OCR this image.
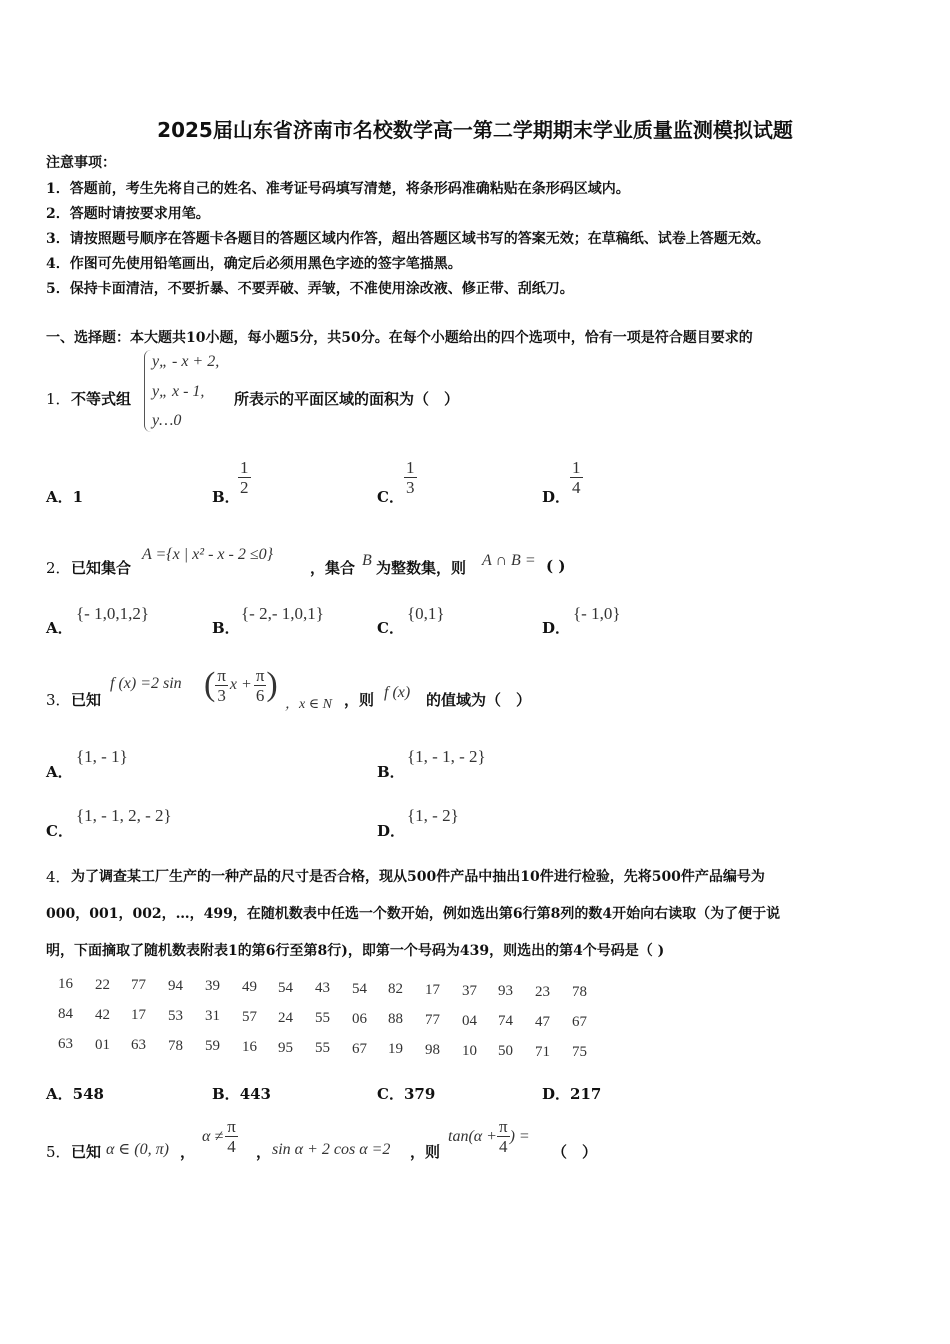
2025届山东省济南市名校数学高一第二学期期末学业质量监测模拟试题
注意事项：
1．答题前，考生先将自己的姓名、准考证号码填写清楚，将条形码准确粘贴在条形码区域内。
2．答题时请按要求用笔。
3．请按照题号顺序在答题卡各题目的答题区域内作答，超出答题区域书写的答案无效；在草稿纸、试卷上答题无效。
4．作图可先使用铅笔画出，确定后必须用黑色字迹的签字笔描黑。
5．保持卡面清洁，不要折暴、不要弄破、弄皱，不准使用涂改液、修正带、刮纸刀。
一、选择题：本大题共10小题，每小题5分，共50分。在每个小题给出的四个选项中，恰有一项是符合题目要求的
1． 不等式组
y„ - x + 2,
y„ x - 1,
y…0
所表示的平面区域的面积为（　）
A．1	B．
$\frac{1}{2}$	C． $\frac{1}{3}$	D． $\frac{1}{4}$
2． 已知集合
A ={x | x² - x - 2 ≤0}
，集合 B 为整数集，则 A ∩ B = ( )
A．
{- 1,0,1,2}
B．
{- 2,- 1,0,1}
C．
{0,1}
D．
{- 1,0}
3． 已知
f (x) =2 sin ( $\frac{\pi}{3}$ $x + \frac{\pi}{6}$ )
，x ∈ N ，则 f (x) 的值域为（　）
A．
{1, - 1}
B．
{1, - 1, - 2}
C．
{1, - 1, 2, - 2}
D．
{1, - 2}
4． 为了调查某工厂生产的一种产品的尺寸是否合格，现从500件产品中抽出10件进行检验，先将500件产品编号为
000，001，002，…，499，在随机数表中任选一个数开始，例如选出第6行第8列的数4开始向右读取（为了便于说
明，下面摘取了随机数表附表1的第6行至第8行)，即第一个号码为439，则选出的第4个号码是（ )
16 22 77 94 39 49 54 43 54 82 17 37 93 23 78
84 42 17 53 31 57 24 55 06 88 77 04 74 47 67
63 01 63 78 59 16 95 55 67 19 98 10 50 71 75
A．548	B．443	C．379	D．217
5． 已知 α ∈ (0, π) ，
$\alpha \ne \frac{\pi}{4}$ ， sin α + 2 cos α =2 ，则
$\tan(\alpha + \frac{\pi}{4}$ ) =
（　）
